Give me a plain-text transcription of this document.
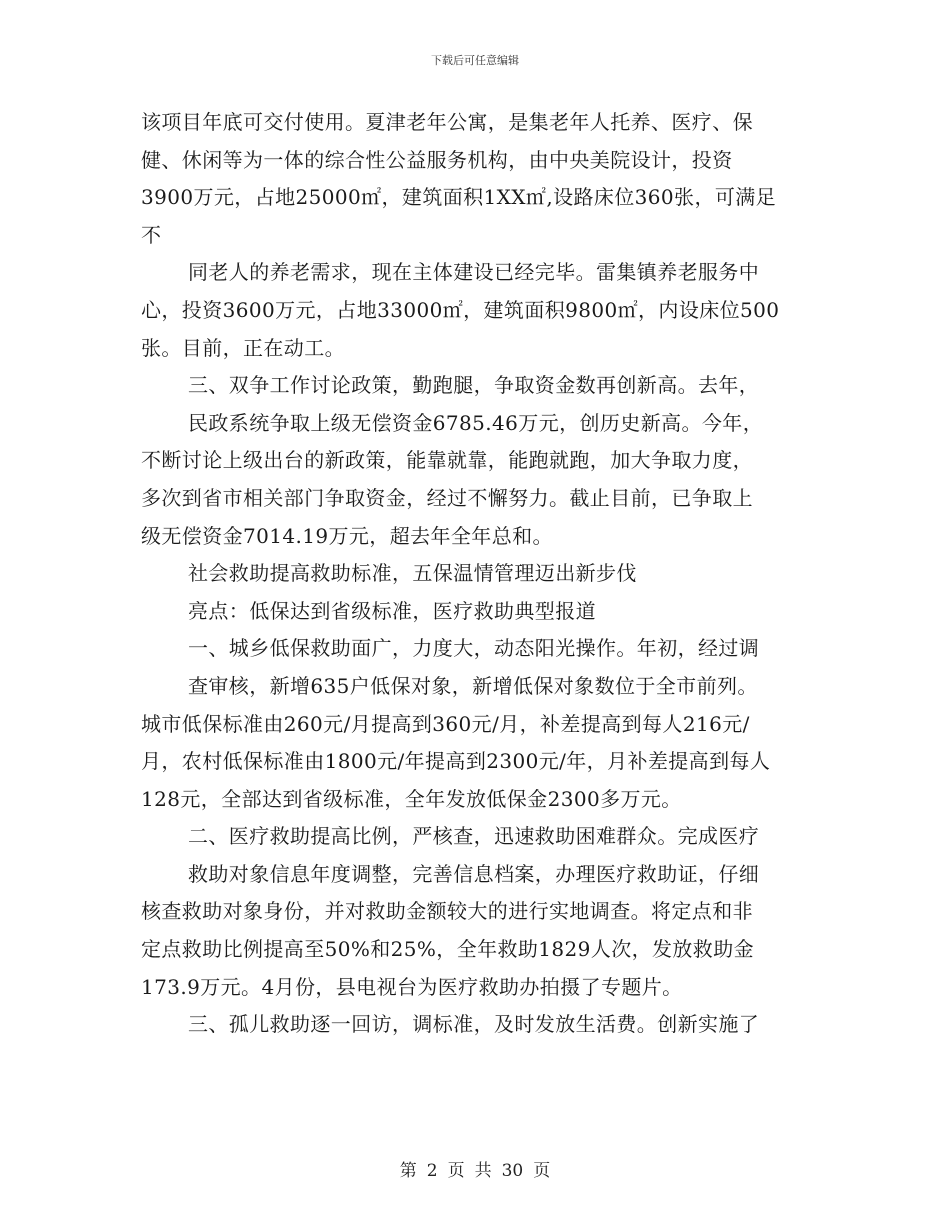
下载后可任意编辑
该项目年底可交付使用。夏津老年公寓，是集老年人托养、医疗、保
健、休闲等为一体的综合性公益服务机构，由中央美院设计，投资
3900万元，占地25000㎡，建筑面积1XX㎡,设路床位360张，可满足
不
同老人的养老需求，现在主体建设已经完毕。雷集镇养老服务中
心，投资3600万元，占地33000㎡，建筑面积9800㎡，内设床位500
张。目前，正在动工。
三、双争工作讨论政策，勤跑腿，争取资金数再创新高。去年，
民政系统争取上级无偿资金6785.46万元，创历史新高。今年，
不断讨论上级出台的新政策，能靠就靠，能跑就跑，加大争取力度，
多次到省市相关部门争取资金，经过不懈努力。截止目前，已争取上
级无偿资金7014.19万元，超去年全年总和。
社会救助提高救助标准，五保温情管理迈出新步伐
亮点：低保达到省级标准，医疗救助典型报道
一、城乡低保救助面广，力度大，动态阳光操作。年初，经过调
查审核，新增635户低保对象，新增低保对象数位于全市前列。
城市低保标准由260元/月提高到360元/月，补差提高到每人216元/
月，农村低保标准由1800元/年提高到2300元/年，月补差提高到每人
128元，全部达到省级标准，全年发放低保金2300多万元。
二、医疗救助提高比例，严核查，迅速救助困难群众。完成医疗
救助对象信息年度调整，完善信息档案，办理医疗救助证，仔细
核查救助对象身份，并对救助金额较大的进行实地调查。将定点和非
定点救助比例提高至50%和25%，全年救助1829人次，发放救助金
173.9万元。4月份，县电视台为医疗救助办拍摄了专题片。
三、孤儿救助逐一回访，调标准，及时发放生活费。创新实施了
第 2 页 共 30 页
